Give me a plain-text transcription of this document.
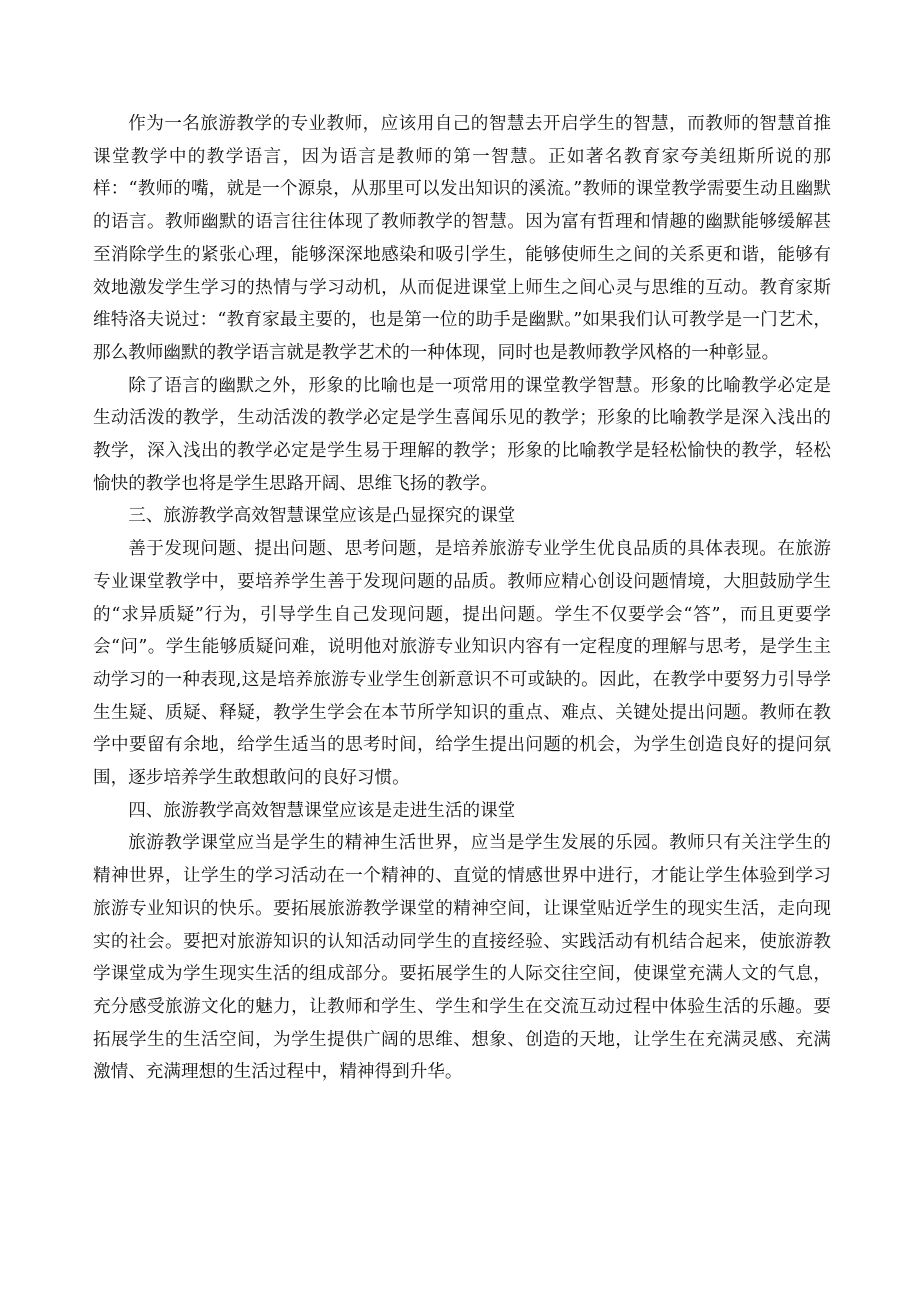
作为一名旅游教学的专业教师，应该用自己的智慧去开启学生的智慧，而教师的智慧首推课堂教学中的教学语言，因为语言是教师的第一智慧。正如著名教育家夸美纽斯所说的那样：“教师的嘴，就是一个源泉，从那里可以发出知识的溪流。”教师的课堂教学需要生动且幽默的语言。教师幽默的语言往往体现了教师教学的智慧。因为富有哲理和情趣的幽默能够缓解甚至消除学生的紧张心理，能够深深地感染和吸引学生，能够使师生之间的关系更和谐，能够有效地激发学生学习的热情与学习动机，从而促进课堂上师生之间心灵与思维的互动。教育家斯维特洛夫说过：“教育家最主要的，也是第一位的助手是幽默。”如果我们认可教学是一门艺术，那么教师幽默的教学语言就是教学艺术的一种体现，同时也是教师教学风格的一种彰显。

除了语言的幽默之外，形象的比喻也是一项常用的课堂教学智慧。形象的比喻教学必定是生动活泼的教学，生动活泼的教学必定是学生喜闻乐见的教学；形象的比喻教学是深入浅出的教学，深入浅出的教学必定是学生易于理解的教学；形象的比喻教学是轻松愉快的教学，轻松愉快的教学也将是学生思路开阔、思维飞扬的教学。

三、旅游教学高效智慧课堂应该是凸显探究的课堂

善于发现问题、提出问题、思考问题，是培养旅游专业学生优良品质的具体表现。在旅游专业课堂教学中，要培养学生善于发现问题的品质。教师应精心创设问题情境，大胆鼓励学生的“求异质疑”行为，引导学生自己发现问题，提出问题。学生不仅要学会“答”，而且更要学会“问”。学生能够质疑问难，说明他对旅游专业知识内容有一定程度的理解与思考，是学生主动学习的一种表现,这是培养旅游专业学生创新意识不可或缺的。因此，在教学中要努力引导学生生疑、质疑、释疑，教学生学会在本节所学知识的重点、难点、关键处提出问题。教师在教学中要留有余地，给学生适当的思考时间，给学生提出问题的机会，为学生创造良好的提问氛围，逐步培养学生敢想敢问的良好习惯。

四、旅游教学高效智慧课堂应该是走进生活的课堂

旅游教学课堂应当是学生的精神生活世界，应当是学生发展的乐园。教师只有关注学生的精神世界，让学生的学习活动在一个精神的、直觉的情感世界中进行，才能让学生体验到学习旅游专业知识的快乐。要拓展旅游教学课堂的精神空间，让课堂贴近学生的现实生活，走向现实的社会。要把对旅游知识的认知活动同学生的直接经验、实践活动有机结合起来，使旅游教学课堂成为学生现实生活的组成部分。要拓展学生的人际交往空间，使课堂充满人文的气息，充分感受旅游文化的魅力，让教师和学生、学生和学生在交流互动过程中体验生活的乐趣。要拓展学生的生活空间，为学生提供广阔的思维、想象、创造的天地，让学生在充满灵感、充满激情、充满理想的生活过程中，精神得到升华。
